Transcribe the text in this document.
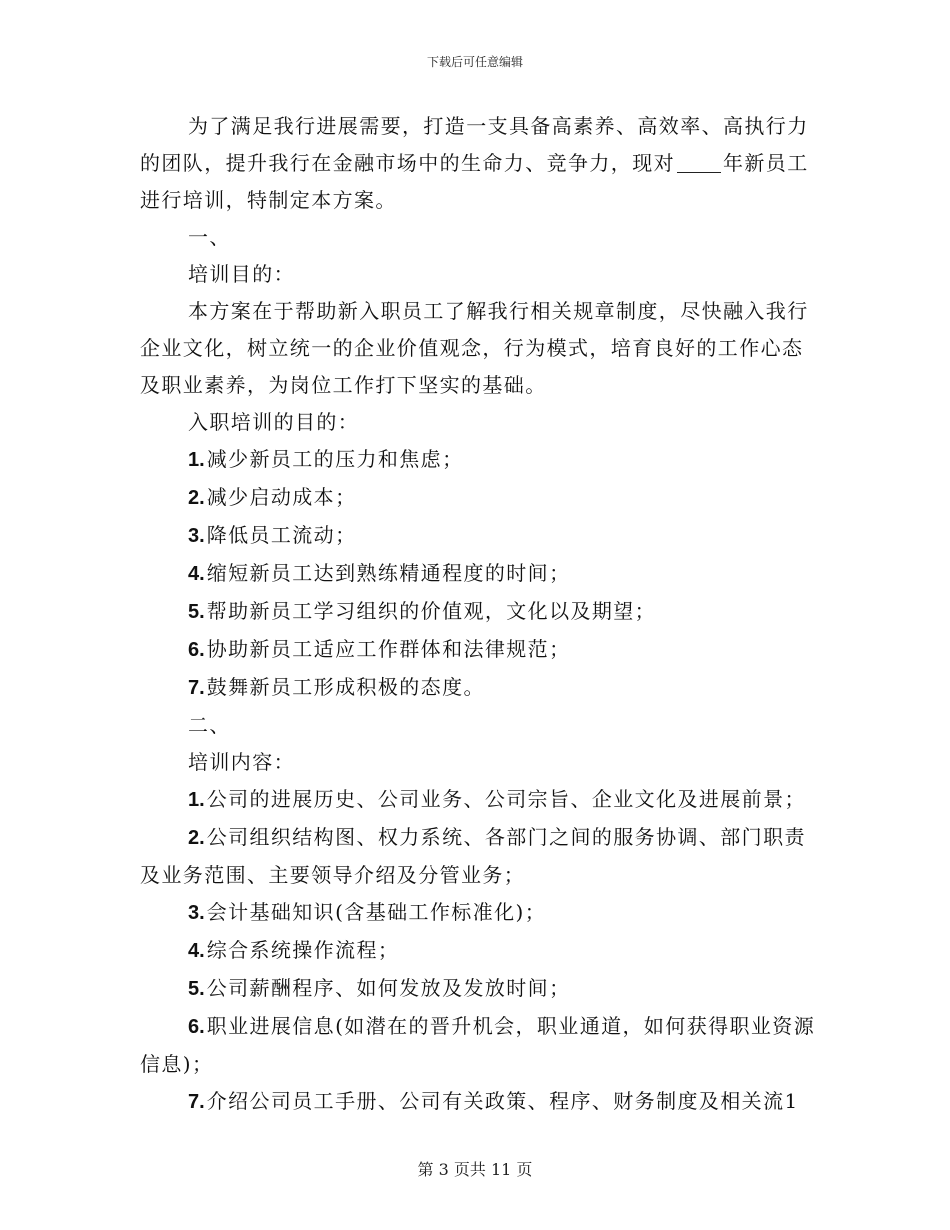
下载后可任意编辑

为了满足我行进展需要，打造一支具备高素养、高效率、高执行力的团队，提升我行在金融市场中的生命力、竞争力，现对 年新员工进行培训，特制定本方案。

一、

培训目的：

本方案在于帮助新入职员工了解我行相关规章制度，尽快融入我行企业文化，树立统一的企业价值观念，行为模式，培育良好的工作心态及职业素养，为岗位工作打下坚实的基础。

入职培训的目的：

1. 减少新员工的压力和焦虑；

2. 减少启动成本；

3. 降低员工流动；

4. 缩短新员工达到熟练精通程度的时间；

5. 帮助新员工学习组织的价值观，文化以及期望；

6. 协助新员工适应工作群体和法律规范；

7. 鼓舞新员工形成积极的态度。

二、

培训内容：

1. 公司的进展历史、公司业务、公司宗旨、企业文化及进展前景；

2. 公司组织结构图、权力系统、各部门之间的服务协调、部门职责及业务范围、主要领导介绍及分管业务；

3. 会计基础知识(含基础工作标准化)；

4. 综合系统操作流程；

5. 公司薪酬程序、如何发放及发放时间；

6. 职业进展信息(如潜在的晋升机会，职业通道，如何获得职业资源信息)；

7. 介绍公司员工手册、公司有关政策、程序、财务制度及相关流1

第 3 页共 11 页
